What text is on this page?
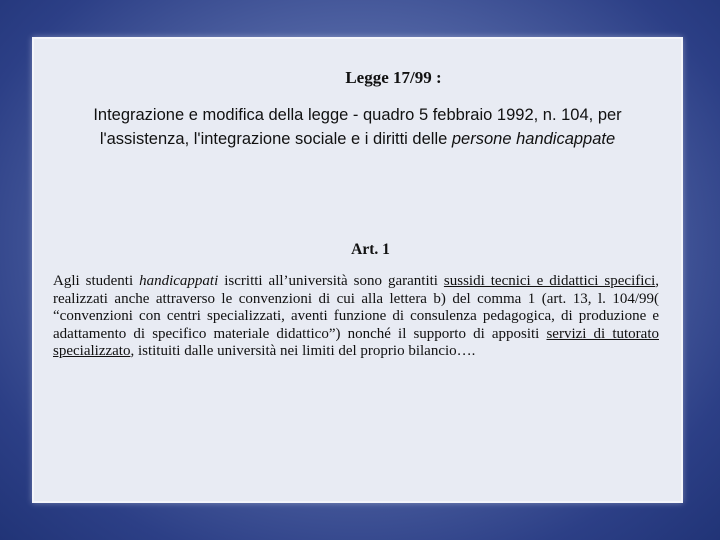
Legge 17/99 :
Integrazione e modifica della legge - quadro 5 febbraio 1992, n. 104, per l'assistenza, l'integrazione sociale e i diritti delle persone handicappate
Art. 1
Agli studenti handicappati iscritti all’università sono garantiti sussidi tecnici e didattici specifici, realizzati anche attraverso le convenzioni di cui alla lettera b) del comma 1 (art. 13, l. 104/99( “convenzioni con centri specializzati, aventi funzione di consulenza pedagogica, di produzione e adattamento di specifico materiale didattico”) nonché il supporto di appositi servizi di tutorato specializzato, istituiti dalle università nei limiti del proprio bilancio….
